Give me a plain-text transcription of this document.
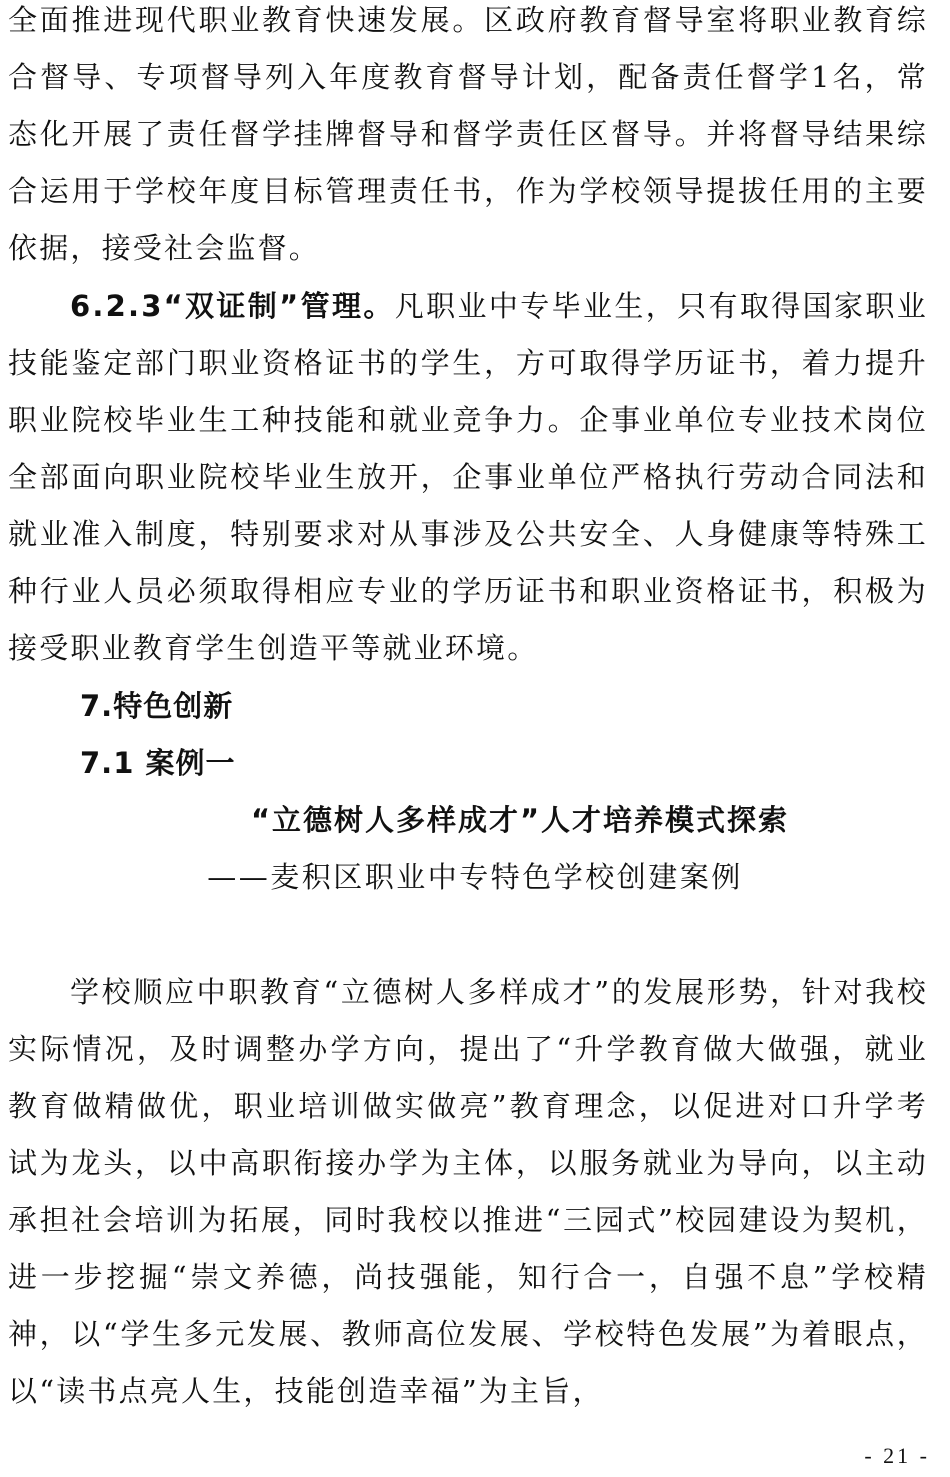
全面推进现代职业教育快速发展。区政府教育督导室将职业教育综合督导、专项督导列入年度教育督导计划，配备责任督学1名，常态化开展了责任督学挂牌督导和督学责任区督导。并将督导结果综合运用于学校年度目标管理责任书，作为学校领导提拔任用的主要依据，接受社会监督。

6.2.3“双证制”管理。凡职业中专毕业生，只有取得国家职业技能鉴定部门职业资格证书的学生，方可取得学历证书，着力提升职业院校毕业生工种技能和就业竞争力。企事业单位专业技术岗位全部面向职业院校毕业生放开，企事业单位严格执行劳动合同法和就业准入制度，特别要求对从事涉及公共安全、人身健康等特殊工种行业人员必须取得相应专业的学历证书和职业资格证书，积极为接受职业教育学生创造平等就业环境。

7.特色创新
7.1 案例一
“立德树人多样成才”人才培养模式探索
——麦积区职业中专特色学校创建案例

学校顺应中职教育“立德树人多样成才”的发展形势，针对我校实际情况，及时调整办学方向，提出了“升学教育做大做强，就业教育做精做优，职业培训做实做亮”教育理念，以促进对口升学考试为龙头，以中高职衔接办学为主体，以服务就业为导向，以主动承担社会培训为拓展，同时我校以推进“三园式”校园建设为契机，进一步挖掘“崇文养德，尚技强能，知行合一，自强不息”学校精神，以“学生多元发展、教师高位发展、学校特色发展”为着眼点，以“读书点亮人生，技能创造幸福”为主旨，

- 21 -
